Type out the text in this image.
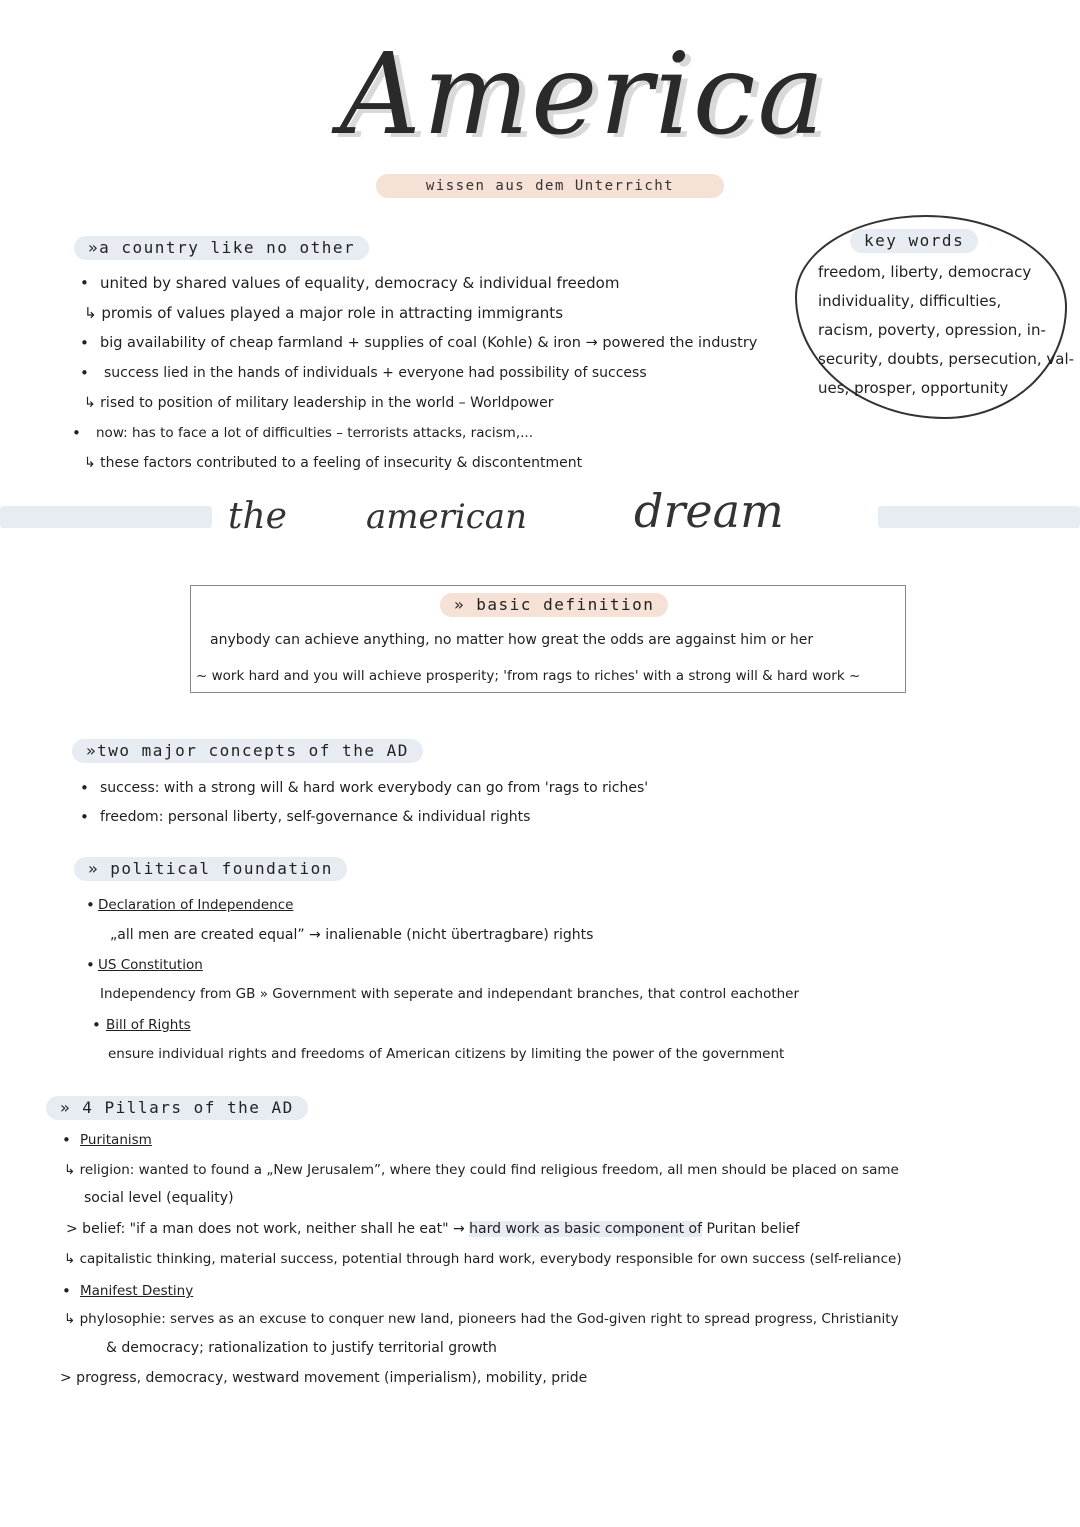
America
wissen aus dem Unterricht
key words
freedom, liberty, democracy
individuality, difficulties,
racism, poverty, opression, in-
security, doubts, persecution, val-
ues, prosper, opportunity
»a country like no other
• united by shared values of equality, democracy & individual freedom
↳ promis of values played a major role in attracting immigrants
• big availability of cheap farmland + supplies of coal (Kohle) & iron → powered the industry
• success lied in the hands of individuals + everyone had possibility of success
↳ rised to position of military leadership in the world – Worldpower
• now: has to face a lot of difficulties – terrorists attacks, racism,...
↳ these factors contributed to a feeling of insecurity & discontentment
the american dream
» basic definition
anybody can achieve anything, no matter how great the odds are aggainst him or her
~ work hard and you will achieve prosperity; 'from rags to riches' with a strong will & hard work ~
»two major concepts of the AD
• success: with a strong will & hard work everybody can go from 'rags to riches'
• freedom: personal liberty, self-governance & individual rights
» political foundation
• Declaration of Independence
„all men are created equal” → inalienable (nicht übertragbare) rights
• US Constitution
Independency from GB » Government with seperate and independant branches, that control eachother
• Bill of Rights
ensure individual rights and freedoms of American citizens by limiting the power of the government
» 4 Pillars of the AD
• Puritanism
↳ religion: wanted to found a „New Jerusalem”, where they could find religious freedom, all men should be placed on same
social level (equality)
> belief: "if a man does not work, neither shall he eat" → hard work as basic component of Puritan belief
↳ capitalistic thinking, material success, potential through hard work, everybody responsible for own success (self-reliance)
• Manifest Destiny
↳ phylosophie: serves as an excuse to conquer new land, pioneers had the God-given right to spread progress, Christianity
& democracy; rationalization to justify territorial growth
> progress, democracy, westward movement (imperialism), mobility, pride
